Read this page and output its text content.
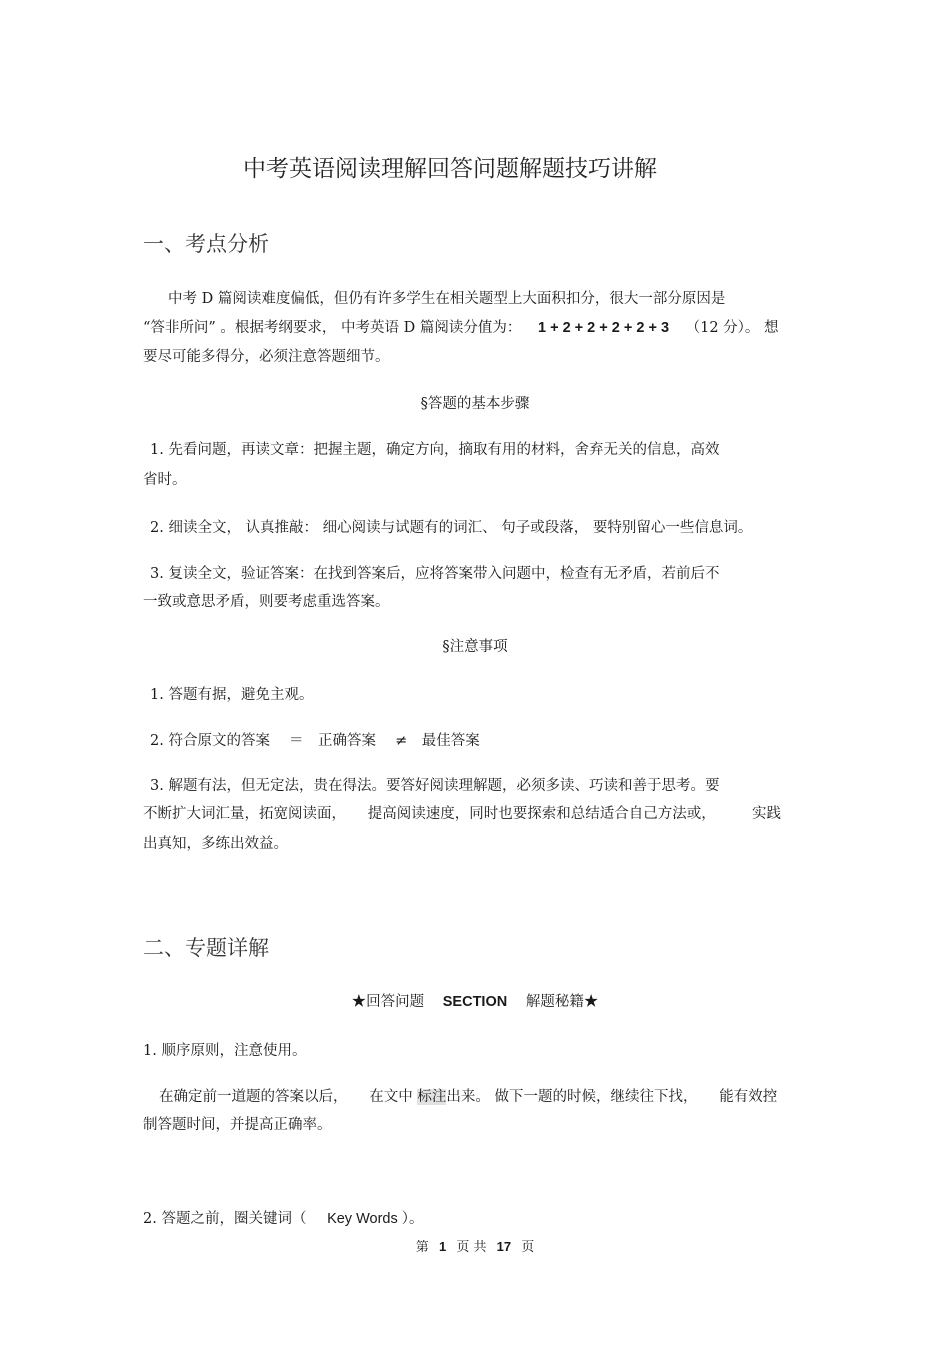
中考英语阅读理解回答问题解题技巧讲解
一、考点分析
中考 D 篇阅读难度偏低，但仍有许多学生在相关题型上大面积扣分，很大一部分原因是
“答非所问” 。根据考纲要求， 中考英语 D 篇阅读分值为： 1 + 2 + 2 + 2 + 2 + 3 （12 分）。 想
要尽可能多得分，必须注意答题细节。
§答题的基本步骤
1. 先看问题，再读文章：把握主题，确定方向，摘取有用的材料，舍弃无关的信息，高效
省时。
2. 细读全文， 认真推敲： 细心阅读与试题有的词汇、 句子或段落， 要特别留心一些信息词。
3. 复读全文，验证答案：在找到答案后，应将答案带入问题中，检查有无矛盾，若前后不
一致或意思矛盾，则要考虑重选答案。
§注意事项
1. 答题有据，避免主观。
2. 符合原文的答案　 ＝　正确答案 　≠　最佳答案
3. 解题有法，但无定法，贵在得法。要答好阅读理解题，必须多读、巧读和善于思考。要
不断扩大词汇量，拓宽阅读面，　　提高阅读速度，同时也要探索和总结适合自己方法或，　　　实践
出真知，多练出效益。
二、专题详解
★回答问题 SECTION 解题秘籍★
1. 顺序原则，注意使用。
在确定前一道题的答案以后，　　在文中 标注出来。 做下一题的时候，继续往下找，　　能有效控
制答题时间，并提高正确率。
2. 答题之前，圈关键词（ Key Words ）。
第 1 页 共 17 页
